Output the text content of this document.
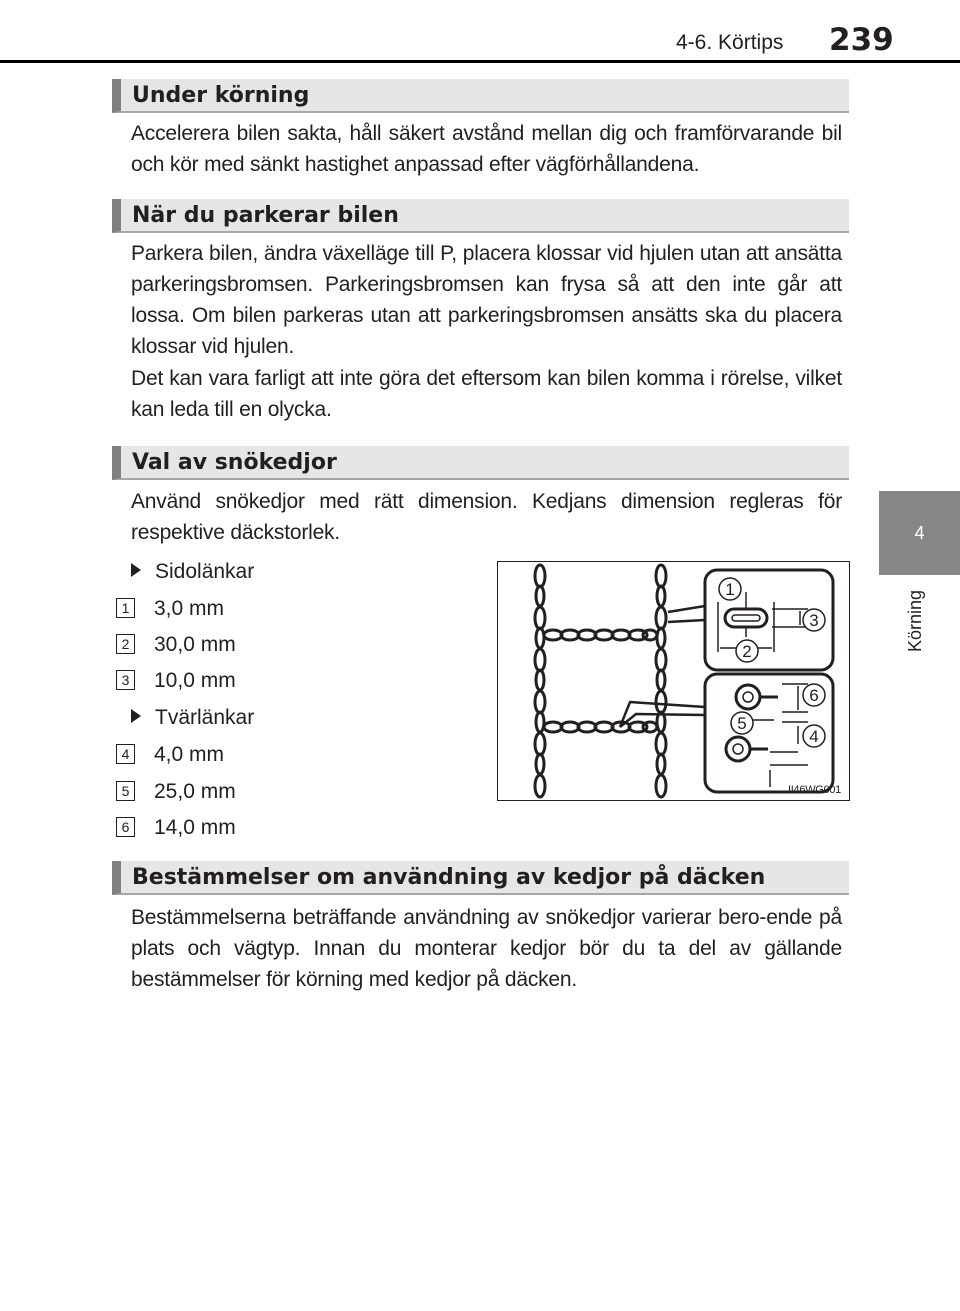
4-6. Körtips 239
4
Körning
Under körning

Accelerera bilen sakta, håll säkert avstånd mellan dig och framförvarande bil och kör med sänkt hastighet anpassad efter vägförhållandena.

När du parkerar bilen

Parkera bilen, ändra växelläge till P, placera klossar vid hjulen utan att ansätta parkeringsbromsen. Parkeringsbromsen kan frysa så att den inte går att lossa. Om bilen parkeras utan att parkeringsbromsen ansätts ska du placera klossar vid hjulen.

Det kan vara farligt att inte göra det eftersom kan bilen komma i rörelse, vilket kan leda till en olycka.

Val av snökedjor

Använd snökedjor med rätt dimension. Kedjans dimension regleras för respektive däckstorlek.

Sidolänkar
1 3,0 mm
2 30,0 mm
3 10,0 mm
Tvärlänkar
4 4,0 mm
5 25,0 mm
6 14,0 mm
1
2
3
4
5
6
II46WG001
Bestämmelser om användning av kedjor på däcken

Bestämmelserna beträffande användning av snökedjor varierar bero-ende på plats och vägtyp. Innan du monterar kedjor bör du ta del av gällande bestämmelser för körning med kedjor på däcken.
